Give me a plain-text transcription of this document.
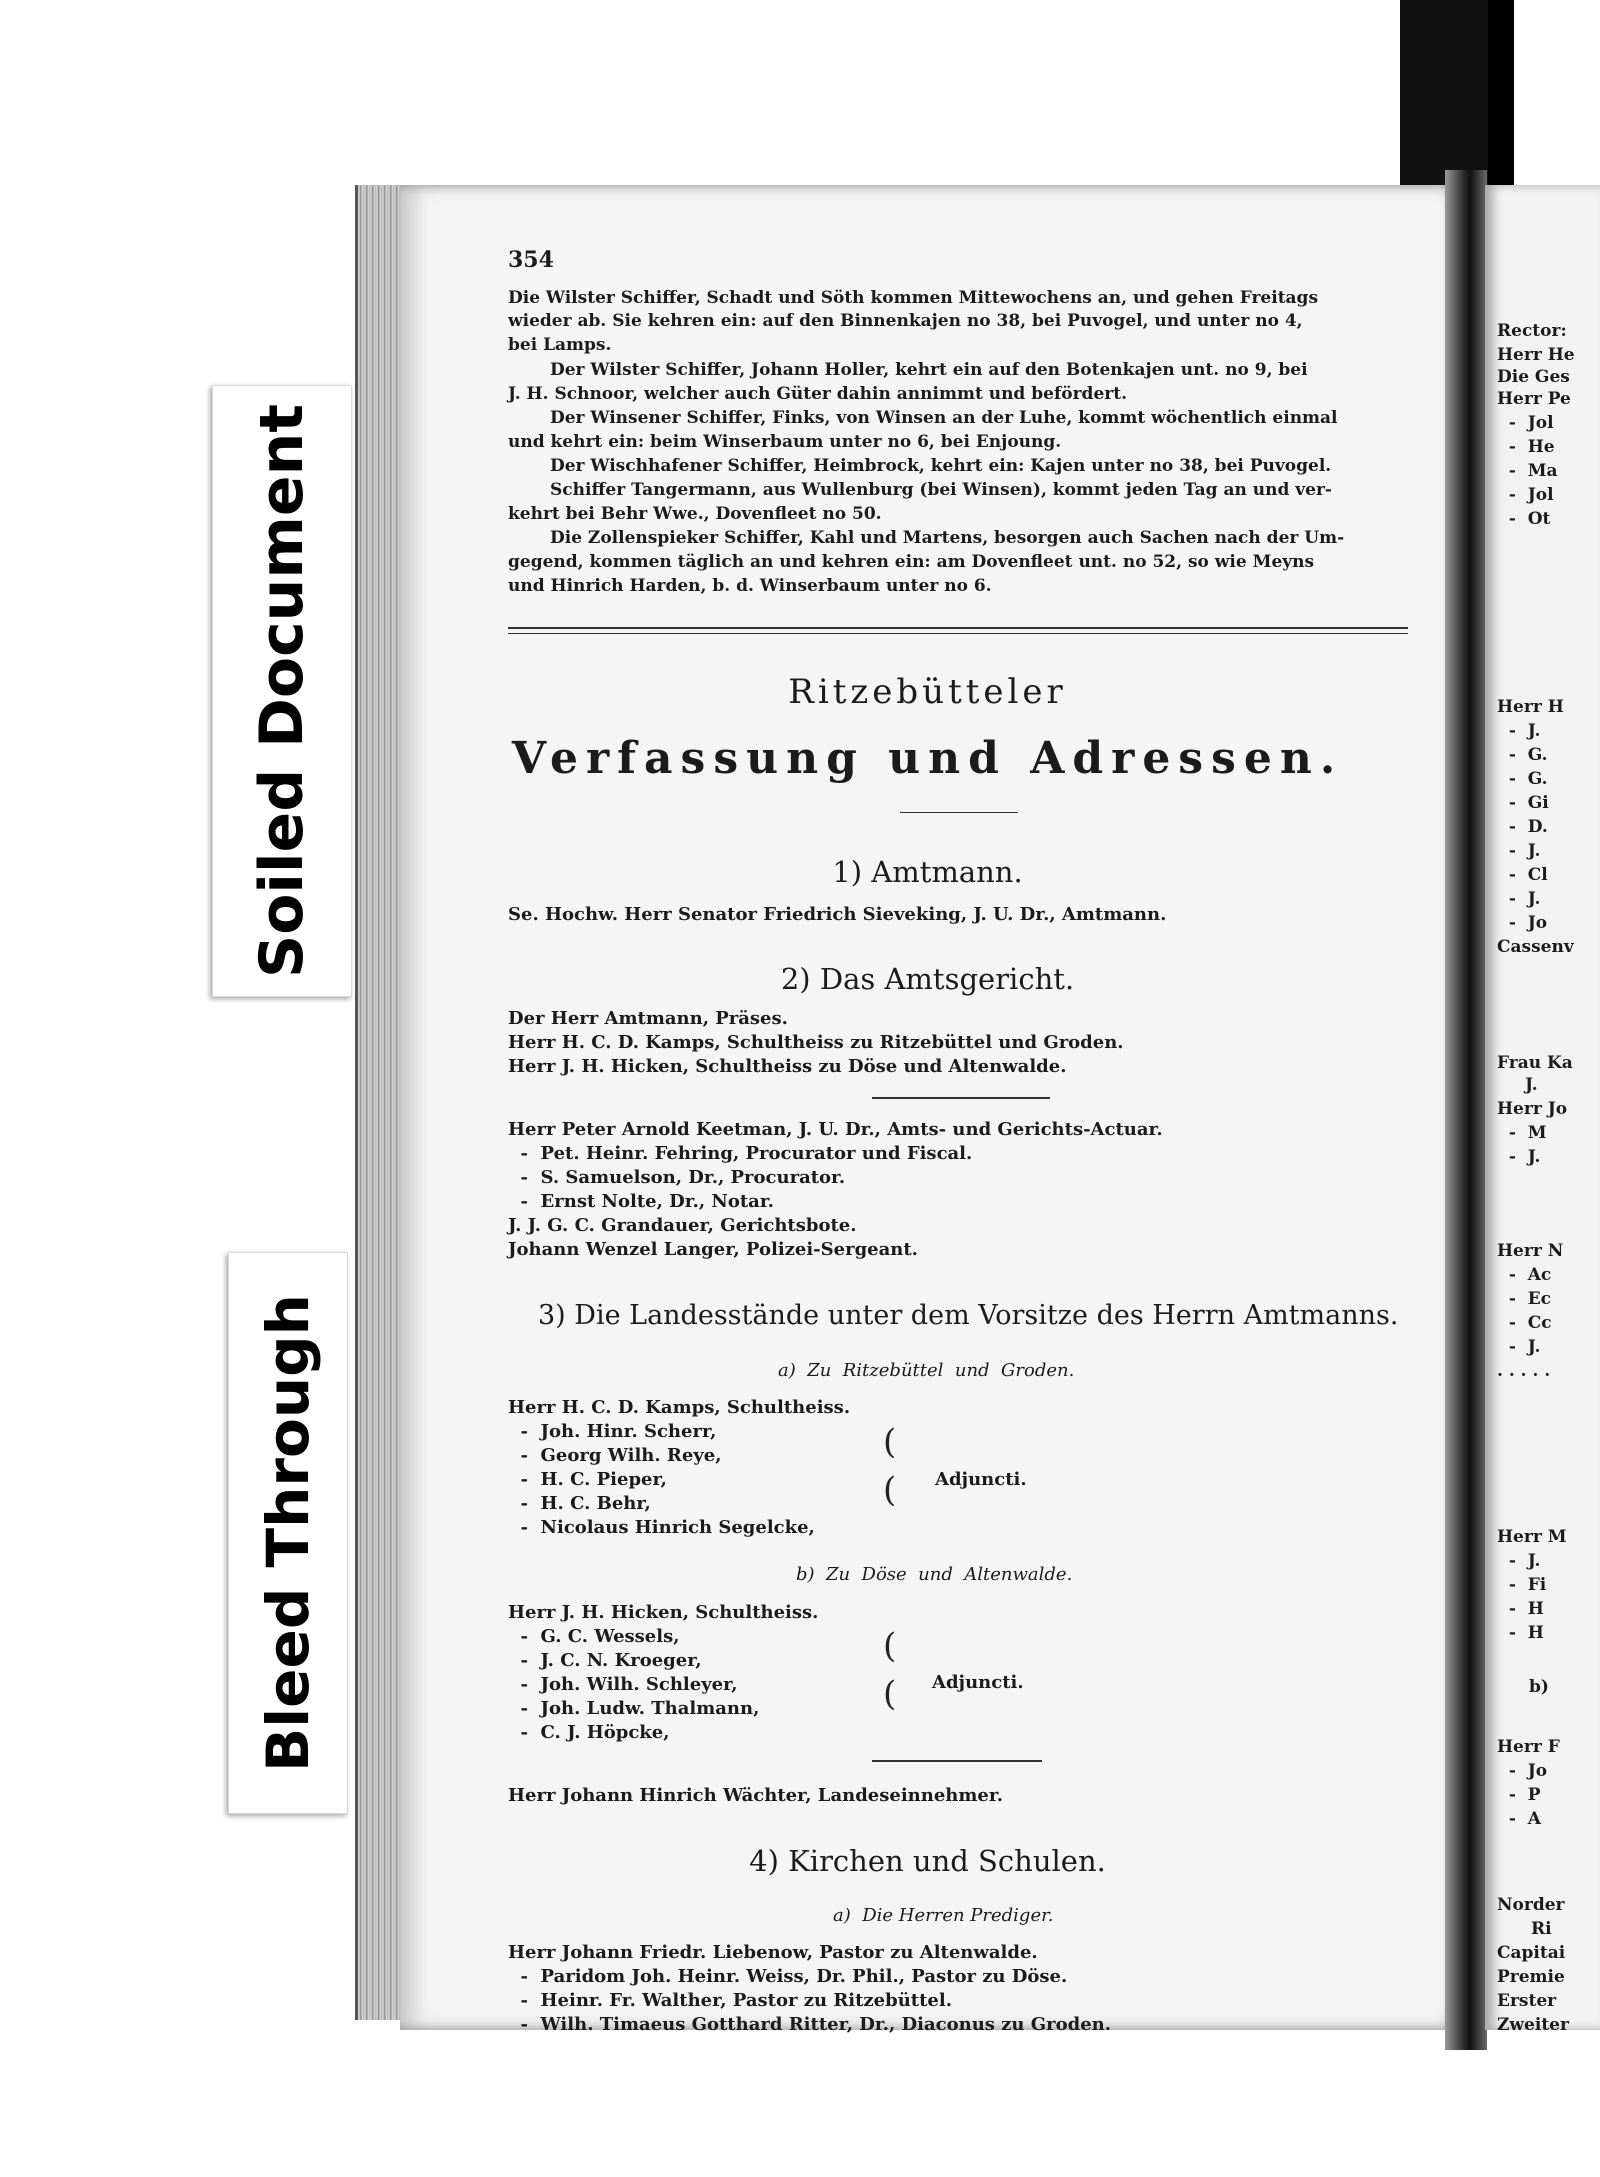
Soiled Document
Bleed Through
354
Die Wilster Schiffer, Schadt und Söth kommen Mittewochens an, und gehen Freitags
wieder ab. Sie kehren ein: auf den Binnenkajen no 38, bei Puvogel, und unter no 4,
bei Lamps.
Der Wilster Schiffer, Johann Holler, kehrt ein auf den Botenkajen unt. no 9, bei
J. H. Schnoor, welcher auch Güter dahin annimmt und befördert.
Der Winsener Schiffer, Finks, von Winsen an der Luhe, kommt wöchentlich einmal
und kehrt ein: beim Winserbaum unter no 6, bei Enjoung.
Der Wischhafener Schiffer, Heimbrock, kehrt ein: Kajen unter no 38, bei Puvogel.
Schiffer Tangermann, aus Wullenburg (bei Winsen), kommt jeden Tag an und ver-
kehrt bei Behr Wwe., Dovenfleet no 50.
Die Zollenspieker Schiffer, Kahl und Martens, besorgen auch Sachen nach der Um-
gegend, kommen täglich an und kehren ein: am Dovenfleet unt. no 52, so wie Meyns
und Hinrich Harden, b. d. Winserbaum unter no 6.
Ritzebütteler
Verfassung und Adressen.
1) Amtmann.
Se. Hochw. Herr Senator Friedrich Sieveking, J. U. Dr., Amtmann.
2) Das Amtsgericht.
Der Herr Amtmann, Präses.
Herr H. C. D. Kamps, Schultheiss zu Ritzebüttel und Groden.
Herr J. H. Hicken, Schultheiss zu Döse und Altenwalde.
Herr Peter Arnold Keetman, J. U. Dr., Amts- und Gerichts-Actuar.
-  Pet. Heinr. Fehring, Procurator und Fiscal.
-  S. Samuelson, Dr., Procurator.
-  Ernst Nolte, Dr., Notar.
J. J. G. C. Grandauer, Gerichtsbote.
Johann Wenzel Langer, Polizei-Sergeant.
3) Die Landesstände unter dem Vorsitze des Herrn Amtmanns.
a)  Zu  Ritzebüttel  und  Groden.
Herr H. C. D. Kamps, Schultheiss.
-  Joh. Hinr. Scherr,
-  Georg Wilh. Reye,
-  H. C. Pieper,
-  H. C. Behr,
-  Nicolaus Hinrich Segelcke,
(
( Adjuncti.
b)  Zu  Döse  und  Altenwalde.
Herr J. H. Hicken, Schultheiss.
-  G. C. Wessels,
-  J. C. N. Kroeger,
-  Joh. Wilh. Schleyer,
-  Joh. Ludw. Thalmann,
-  C. J. Höpcke,
(
( Adjuncti.
Herr Johann Hinrich Wächter, Landeseinnehmer.
4) Kirchen und Schulen.
a)  Die Herren Prediger.
Herr Johann Friedr. Liebenow, Pastor zu Altenwalde.
-  Paridom Joh. Heinr. Weiss, Dr. Phil., Pastor zu Döse.
-  Heinr. Fr. Walther, Pastor zu Ritzebüttel.
-  Wilh. Timaeus Gotthard Ritter, Dr., Diaconus zu Groden.
Rector:
Herr He
Die Ges
Herr Pe
-  Jol
-  He
-  Ma
-  Jol
-  Ot
Herr H
-  J.
-  G.
-  G.
-  Gi
-  D.
-  J.
-  Cl
-  J.
-  Jo
Cassenv
Frau Ka
J.
Herr Jo
-  M
-  J.
Herr N
-  Ac
-  Ec
-  Cc
-  J.
. . . . .
Herr M
-  J.
-  Fi
-  H
-  H
b)
Herr F
-  Jo
-  P
-  A
Norder
Ri
Capitai
Premie
Erster
Zweiter
